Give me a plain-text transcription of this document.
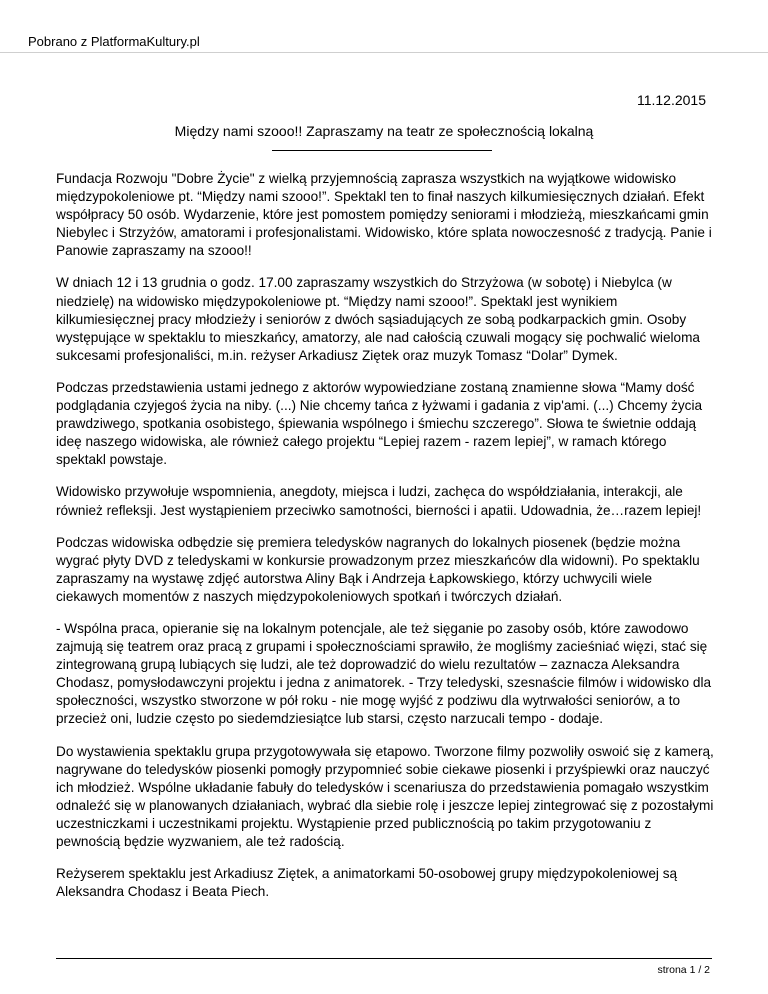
Pobrano z PlatformaKultury.pl
11.12.2015
Między nami szooo!! Zapraszamy na teatr ze społecznością lokalną

Fundacja Rozwoju "Dobre Życie" z wielką przyjemnością zaprasza wszystkich na wyjątkowe widowisko międzypokoleniowe pt. “Między nami szooo!”. Spektakl ten to finał naszych kilkumiesięcznych działań. Efekt współpracy 50 osób. Wydarzenie, które jest pomostem pomiędzy seniorami i młodzieżą, mieszkańcami gmin Niebylec i Strzyżów, amatorami i profesjonalistami. Widowisko, które splata nowoczesność z tradycją. Panie i Panowie zapraszamy na szooo!!

W dniach 12 i 13 grudnia o godz. 17.00 zapraszamy wszystkich do Strzyżowa (w sobotę) i Niebylca (w niedzielę) na widowisko międzypokoleniowe pt. “Między nami szooo!”. Spektakl jest wynikiem kilkumiesięcznej pracy młodzieży i seniorów z dwóch sąsiadujących ze sobą podkarpackich gmin. Osoby występujące w spektaklu to mieszkańcy, amatorzy, ale nad całością czuwali mogący się pochwalić wieloma sukcesami profesjonaliści, m.in. reżyser Arkadiusz Ziętek oraz muzyk Tomasz “Dolar” Dymek.

Podczas przedstawienia ustami jednego z aktorów wypowiedziane zostaną znamienne słowa “Mamy dość podglądania czyjegoś życia na niby. (...) Nie chcemy tańca z łyżwami i gadania z vip'ami. (...) Chcemy życia prawdziwego, spotkania osobistego, śpiewania wspólnego i śmiechu szczerego”. Słowa te świetnie oddają ideę naszego widowiska, ale również całego projektu “Lepiej razem - razem lepiej”, w ramach którego spektakl powstaje.

Widowisko przywołuje wspomnienia, anegdoty, miejsca i ludzi, zachęca do współdziałania, interakcji, ale również refleksji. Jest wystąpieniem przeciwko samotności, bierności i apatii. Udowadnia, że…razem lepiej!

Podczas widowiska odbędzie się premiera teledysków nagranych do lokalnych piosenek (będzie można wygrać płyty DVD z teledyskami w konkursie prowadzonym przez mieszkańców dla widowni). Po spektaklu zapraszamy na wystawę zdjęć autorstwa Aliny Bąk i Andrzeja Łapkowskiego, którzy uchwycili wiele ciekawych momentów z naszych międzypokoleniowych spotkań i twórczych działań.

- Wspólna praca, opieranie się na lokalnym potencjale, ale też sięganie po zasoby osób, które zawodowo zajmują się teatrem oraz pracą z grupami i społecznościami sprawiło, że mogliśmy zacieśniać więzi, stać się zintegrowaną grupą lubiących się ludzi, ale też doprowadzić do wielu rezultatów – zaznacza Aleksandra Chodasz, pomysłodawczyni projektu i jedna z animatorek. - Trzy teledyski, szesnaście filmów i widowisko dla społeczności, wszystko stworzone w pół roku - nie mogę wyjść z podziwu dla wytrwałości seniorów, a to przecież oni, ludzie często po siedemdziesiątce lub starsi, często narzucali tempo - dodaje.

Do wystawienia spektaklu grupa przygotowywała się etapowo. Tworzone filmy pozwoliły oswoić się z kamerą, nagrywane do teledysków piosenki pomogły przypomnieć sobie ciekawe piosenki i przyśpiewki oraz nauczyć ich młodzież. Wspólne układanie fabuły do teledysków i scenariusza do przedstawienia pomagało wszystkim odnaleźć się w planowanych działaniach, wybrać dla siebie rolę i jeszcze lepiej zintegrować się z pozostałymi uczestniczkami i uczestnikami projektu. Wystąpienie przed publicznością po takim przygotowaniu z pewnością będzie wyzwaniem, ale też radością.

Reżyserem spektaklu jest Arkadiusz Ziętek, a animatorkami 50-osobowej grupy międzypokoleniowej są Aleksandra Chodasz i Beata Piech.

strona 1 / 2
